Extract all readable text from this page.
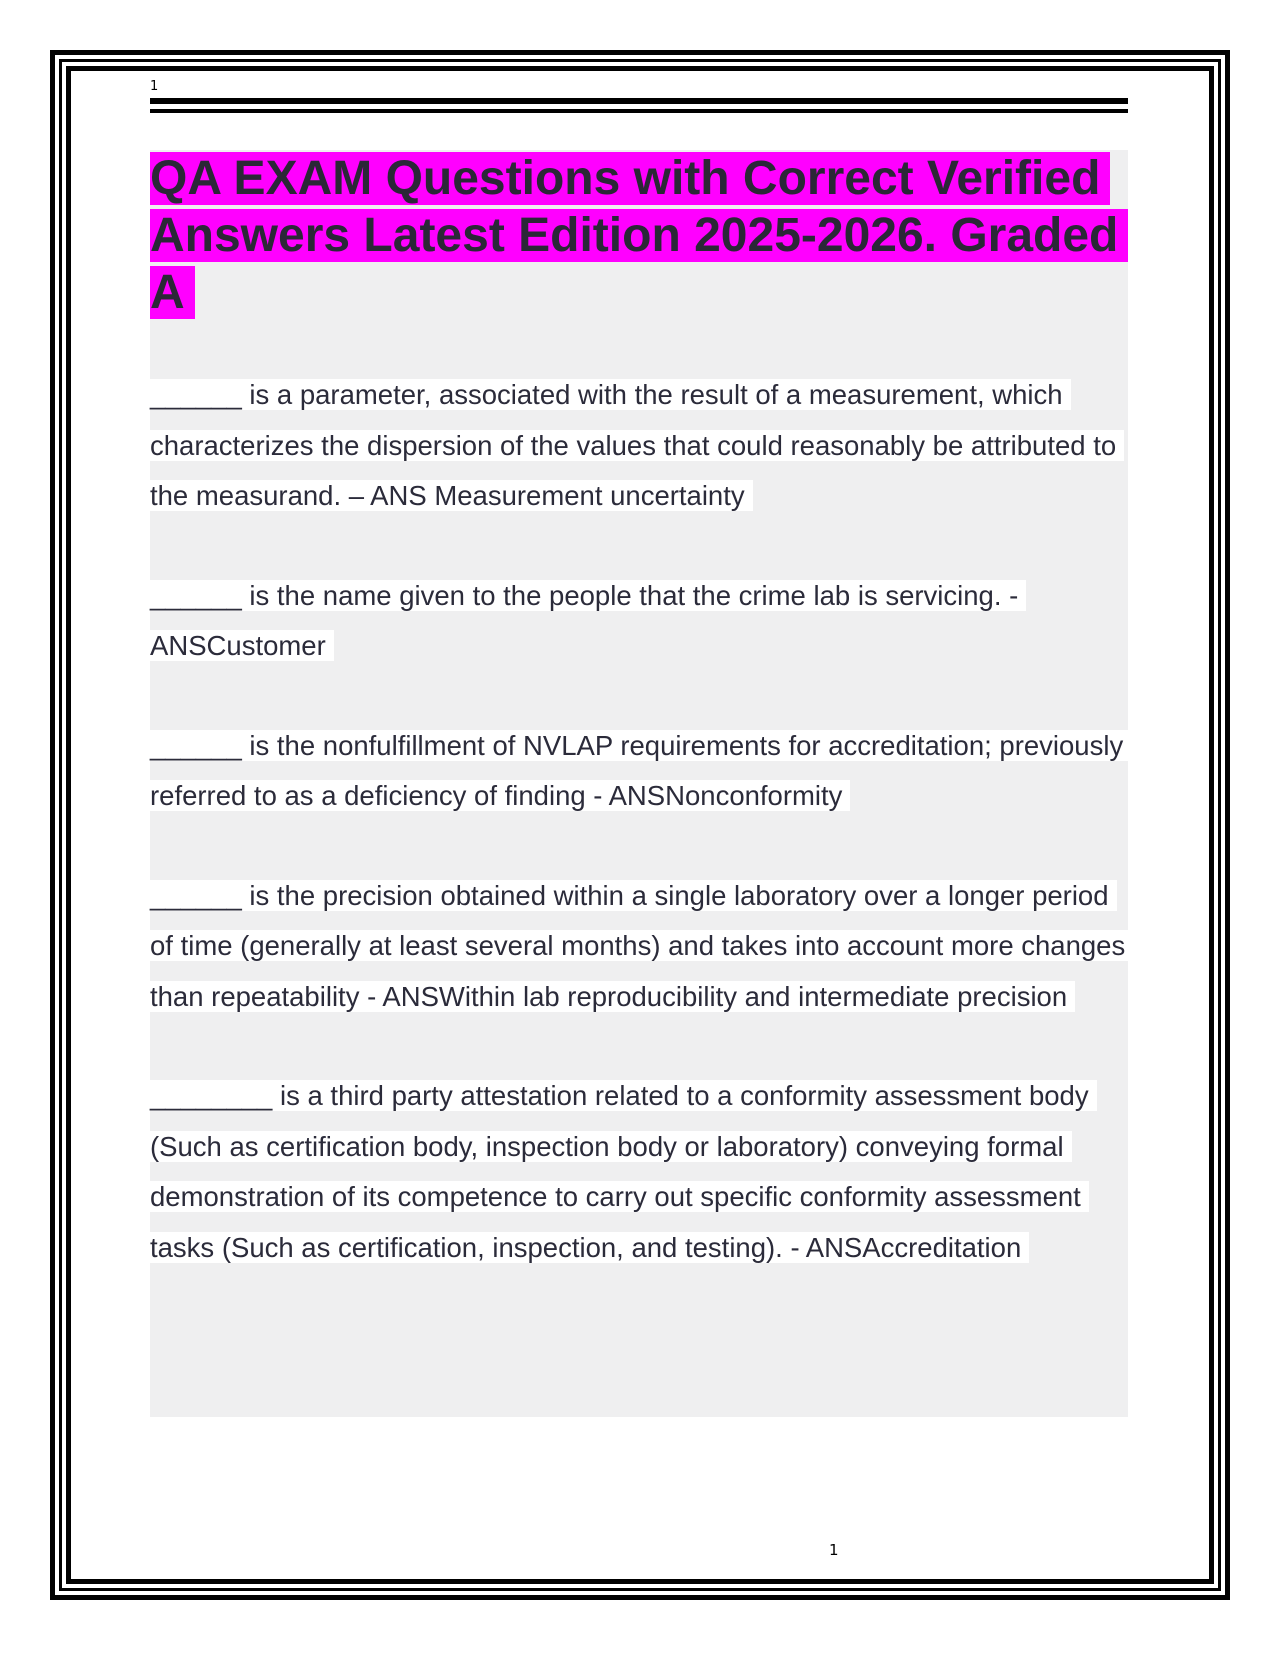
1
QA EXAM Questions with Correct Verified Answers Latest Edition 2025-2026. Graded A

______ is a parameter, associated with the result of a measurement, which characterizes the dispersion of the values that could reasonably be attributed to the measurand. – ANS Measurement uncertainty

______ is the name given to the people that the crime lab is servicing. - ANSCustomer

______ is the nonfulfillment of NVLAP requirements for accreditation; previously referred to as a deficiency of finding - ANSNonconformity

______ is the precision obtained within a single laboratory over a longer period of time (generally at least several months) and takes into account more changes than repeatability - ANSWithin lab reproducibility and intermediate precision

________ is a third party attestation related to a conformity assessment body (Such as certification body, inspection body or laboratory) conveying formal demonstration of its competence to carry out specific conformity assessment tasks (Such as certification, inspection, and testing). - ANSAccreditation

1
